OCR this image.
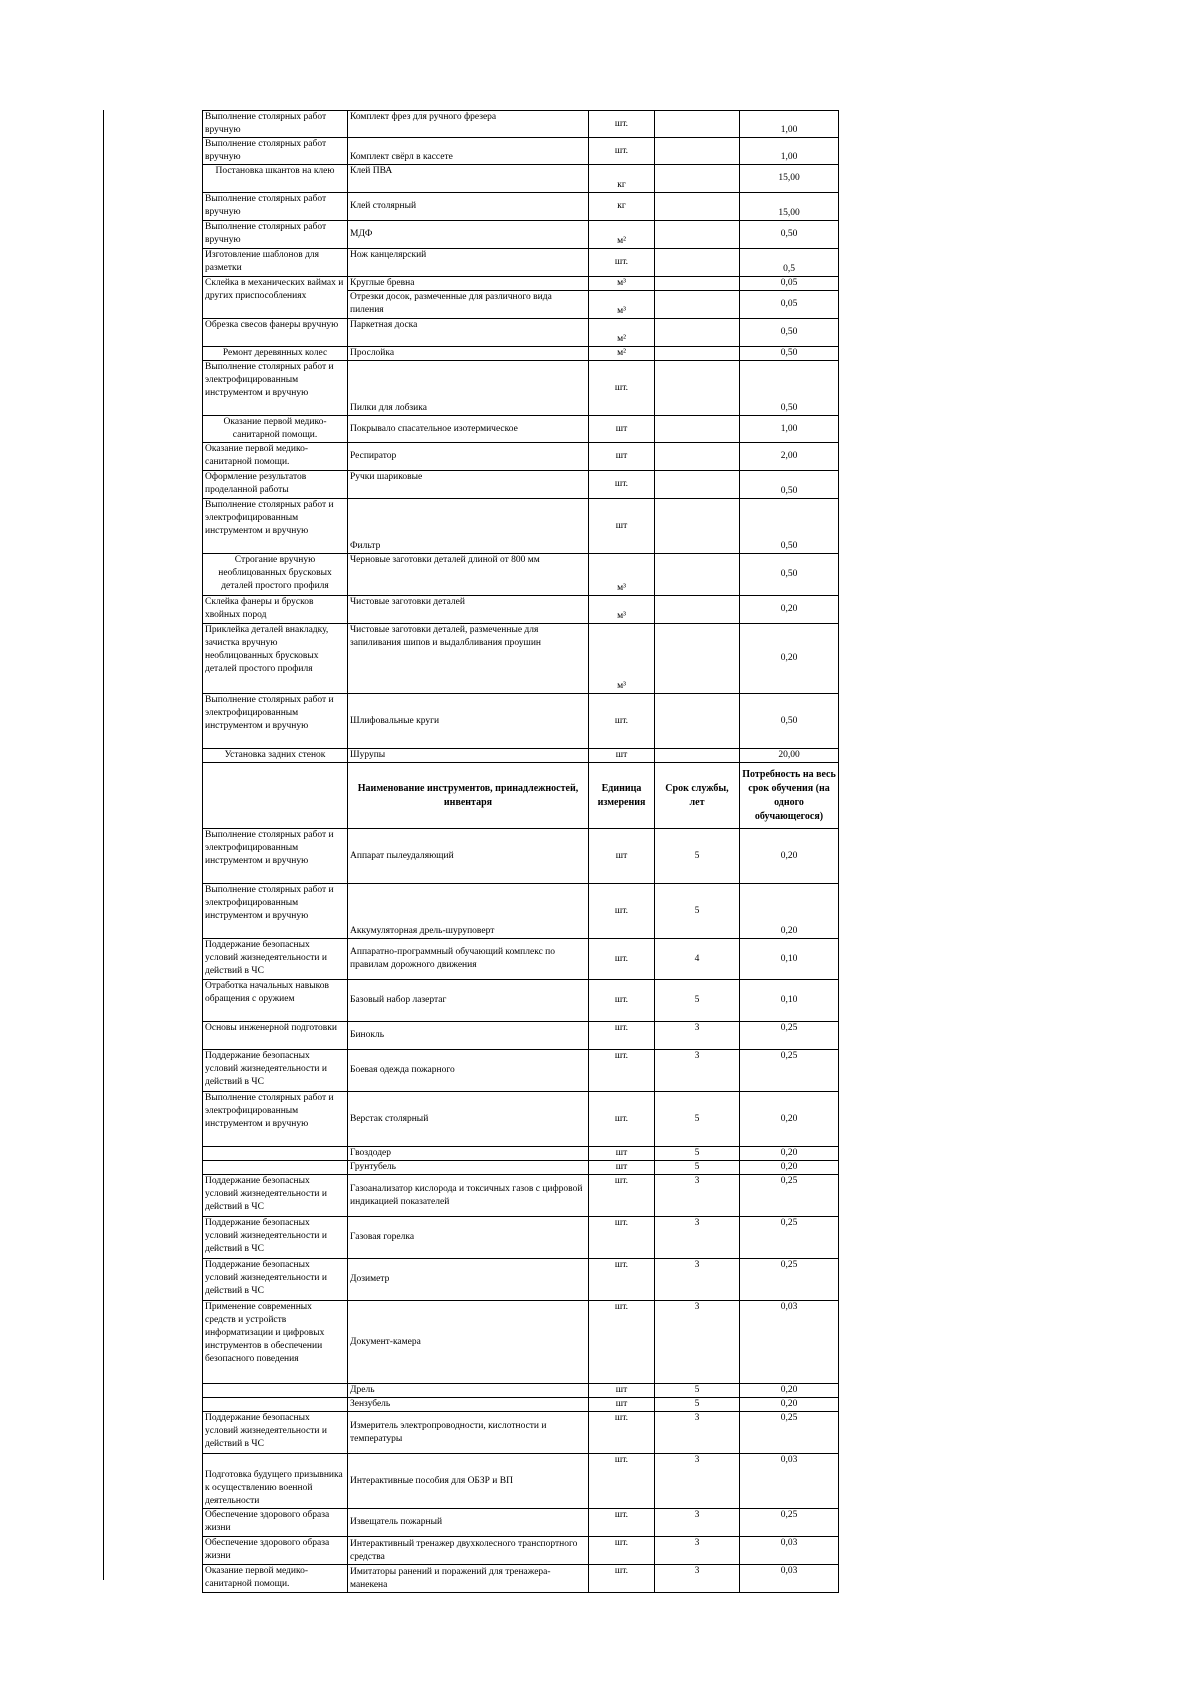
Выполнение столярных работ вручную	Комплект фрез для ручного фрезера	шт.		1,00
Выполнение столярных работ вручную	Комплект свёрл в кассете	шт.		1,00
Постановка шкантов на клею	Клей ПВА	кг		15,00
Выполнение столярных работ вручную	Клей столярный	кг		15,00
Выполнение столярных работ вручную	МДФ	м²		0,50
Изготовление шаблонов для разметки	Нож канцелярский	шт.		0,5
Склейка в механических ваймах и других приспособлениях	Круглые бревна	м³		0,05
	Отрезки досок, размеченные для различного вида пиления	м³		0,05
Обрезка свесов фанеры вручную	Паркетная доска	м²		0,50
Ремонт деревянных колес	Прослойка	м²		0,50
Выполнение столярных работ и электрофицированным инструментом и вручную	Пилки для лобзика	шт.		0,50
Оказание первой медико-санитарной помощи.	Покрывало спасательное изотермическое	шт		1,00
Оказание первой медико-санитарной помощи.	Респиратор	шт		2,00
Оформление результатов проделанной работы	Ручки шариковые	шт.		0,50
Выполнение столярных работ и электрофицированным инструментом и вручную	Фильтр	шт		0,50
Строгание вручную необлицованных брусковых деталей простого профиля	Черновые заготовки деталей длиной от 800 мм	м³		0,50
Склейка фанеры и брусков хвойных пород	Чистовые заготовки деталей	м³		0,20
Приклейка деталей внакладку, зачистка вручную необлицованных брусковых деталей простого профиля	Чистовые заготовки деталей, размеченные для запиливания шипов и выдалбливания проушин	м³		0,20
Выполнение столярных работ и электрофицированным инструментом и вручную	Шлифовальные круги	шт.		0,50
Установка задних стенок	Шурупы	шт		20,00
	Наименование инструментов, принадлежностей, инвентаря	Единица измерения	Срок службы, лет	Потребность на весь срок обучения (на одного обучающегося)
Выполнение столярных работ и электрофицированным инструментом и вручную	Аппарат пылеудаляющий	шт	5	0,20
Выполнение столярных работ и электрофицированным инструментом и вручную	Аккумуляторная дрель-шуруповерт	шт.	5	0,20
Поддержание безопасных условий жизнедеятельности и действий в ЧС	Аппаратно-программный обучающий комплекс по правилам дорожного движения	шт.	4	0,10
Отработка начальных навыков обращения с оружием	Базовый набор лазертаг	шт.	5	0,10
Основы инженерной подготовки	Бинокль	шт.	3	0,25
Поддержание безопасных условий жизнедеятельности и действий в ЧС	Боевая одежда пожарного	шт.	3	0,25
Выполнение столярных работ и электрофицированным инструментом и вручную	Верстак столярный	шт.	5	0,20
	Гвоздодер	шт	5	0,20
	Грунтубель	шт	5	0,20
Поддержание безопасных условий жизнедеятельности и действий в ЧС	Газоанализатор кислорода и токсичных газов с цифровой индикацией показателей	шт.	3	0,25
Поддержание безопасных условий жизнедеятельности и действий в ЧС	Газовая горелка	шт.	3	0,25
Поддержание безопасных условий жизнедеятельности и действий в ЧС	Дозиметр	шт.	3	0,25
Применение современных средств и устройств информатизации и цифровых инструментов в обеспечении безопасного поведения	Документ-камера	шт.	3	0,03
	Дрель	шт	5	0,20
	Зензубель	шт	5	0,20
Поддержание безопасных условий жизнедеятельности и действий в ЧС	Измеритель электропроводности, кислотности и температуры	шт.	3	0,25
Подготовка будущего призывника к осуществлению военной деятельности	Интерактивные пособия для ОБЗР и ВП	шт.	3	0,03
Обеспечение здорового образа жизни	Извещатель пожарный	шт.	3	0,25
Обеспечение здорового образа жизни	Интерактивный тренажер двухколесного транспортного средства	шт.	3	0,03
Оказание первой медико-санитарной помощи.	Имитаторы ранений и поражений для тренажера-манекена	шт.	3	0,03
